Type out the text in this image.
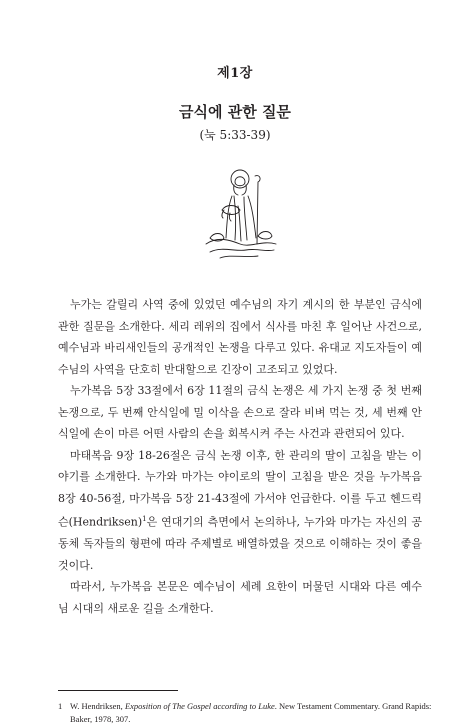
제1장
금식에 관한 질문
(눅 5:33-39)

누가는 갈릴리 사역 중에 있었던 예수님의 자기 계시의 한 부분인 금식에 관한 질문을 소개한다. 세리 레위의 집에서 식사를 마친 후 일어난 사건으로, 예수님과 바리새인들의 공개적인 논쟁을 다루고 있다. 유대교 지도자들이 예수님의 사역을 단호히 반대할으로 긴장이 고조되고 있었다.

누가복음 5장 33절에서 6장 11절의 금식 논쟁은 세 가지 논쟁 중 첫 번째 논쟁으로, 두 번째 안식일에 밀 이삭을 손으로 잘라 비벼 먹는 것, 세 번째 안식일에 손이 마른 어떤 사람의 손을 회복시켜 주는 사건과 관련되어 있다.

마태복음 9장 18-26절은 금식 논쟁 이후, 한 관리의 딸이 고침을 받는 이야기를 소개한다. 누가와 마가는 야이로의 딸이 고침을 받은 것을 누가복음 8장 40-56절, 마가복음 5장 21-43절에 가서야 언급한다. 이를 두고 헨드릭슨(Hendriksen)$^1$은 연대기의 측면에서 논의하나, 누가와 마가는 자신의 공동체 독자들의 형편에 따라 주제별로 배열하였을 것으로 이해하는 것이 좋을 것이다.

따라서, 누가복음 본문은 예수님이 세례 요한이 머물던 시대와 다른 예수님 시대의 새로운 길을 소개한다.

1 W. Hendriksen, Exposition of The Gospel according to Luke. New Testament Commentary. Grand Rapids: Baker, 1978, 307.
